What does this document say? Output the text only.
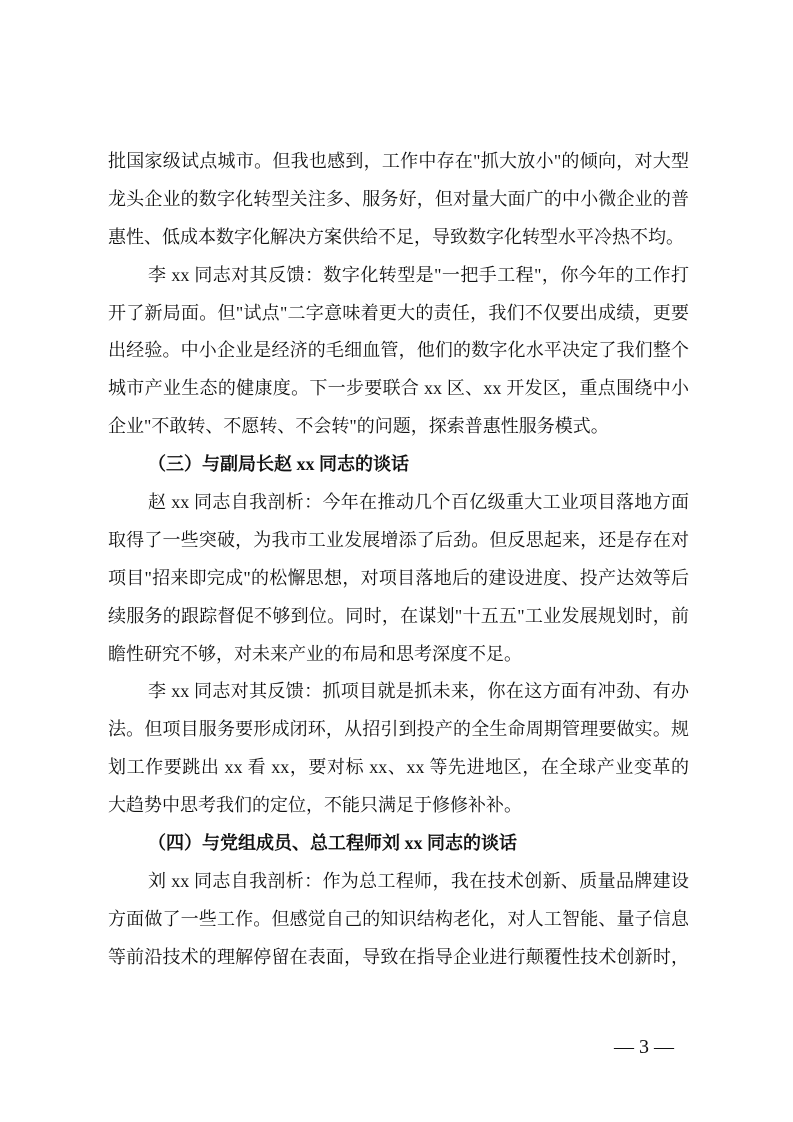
批国家级试点城市。但我也感到，工作中存在"抓大放小"的倾向，对大型
龙头企业的数字化转型关注多、服务好，但对量大面广的中小微企业的普
惠性、低成本数字化解决方案供给不足，导致数字化转型水平冷热不均。
李 xx 同志对其反馈：数字化转型是"一把手工程"，你今年的工作打
开了新局面。但"试点"二字意味着更大的责任，我们不仅要出成绩，更要
出经验。中小企业是经济的毛细血管，他们的数字化水平决定了我们整个
城市产业生态的健康度。下一步要联合 xx 区、xx 开发区，重点围绕中小
企业"不敢转、不愿转、不会转"的问题，探索普惠性服务模式。
（三）与副局长赵 xx 同志的谈话
赵 xx 同志自我剖析：今年在推动几个百亿级重大工业项目落地方面
取得了一些突破，为我市工业发展增添了后劲。但反思起来，还是存在对
项目"招来即完成"的松懈思想，对项目落地后的建设进度、投产达效等后
续服务的跟踪督促不够到位。同时，在谋划"十五五"工业发展规划时，前
瞻性研究不够，对未来产业的布局和思考深度不足。
李 xx 同志对其反馈：抓项目就是抓未来，你在这方面有冲劲、有办
法。但项目服务要形成闭环，从招引到投产的全生命周期管理要做实。规
划工作要跳出 xx 看 xx，要对标 xx、xx 等先进地区，在全球产业变革的
大趋势中思考我们的定位，不能只满足于修修补补。
（四）与党组成员、总工程师刘 xx 同志的谈话
刘 xx 同志自我剖析：作为总工程师，我在技术创新、质量品牌建设
方面做了一些工作。但感觉自己的知识结构老化，对人工智能、量子信息
等前沿技术的理解停留在表面，导致在指导企业进行颠覆性技术创新时，
— 3 —
